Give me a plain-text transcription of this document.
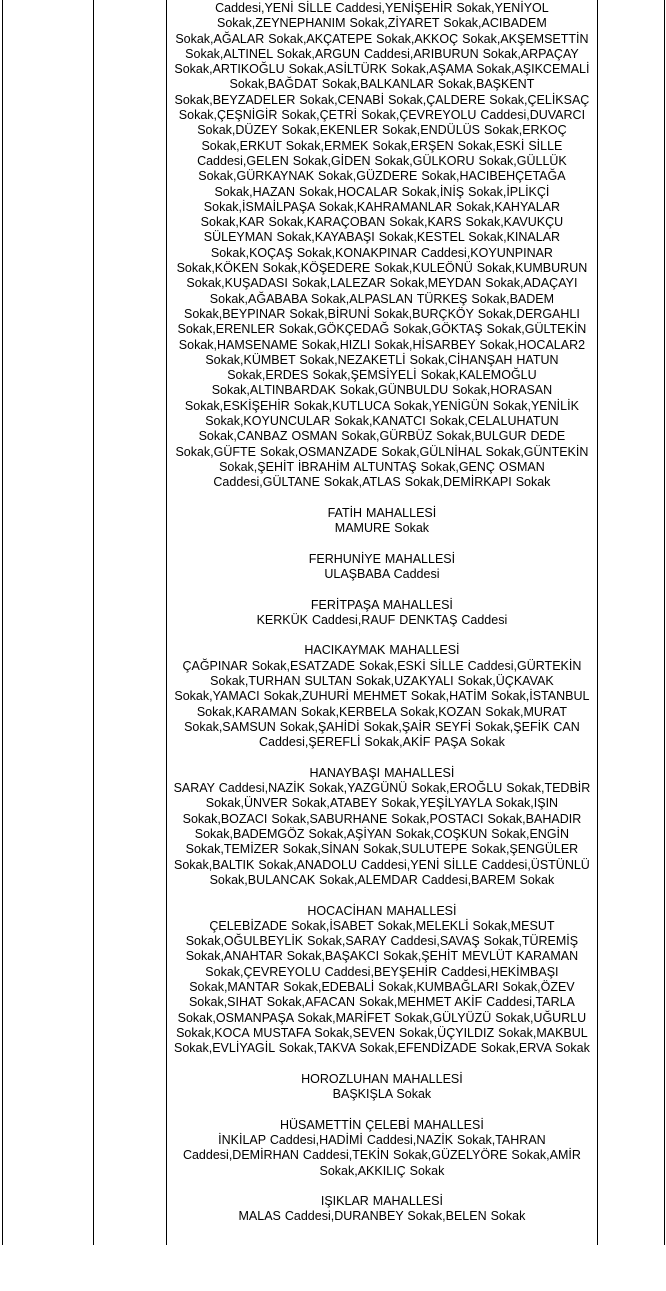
Caddesi,YENİ SİLLE Caddesi,YENİŞEHİR Sokak,YENİYOL Sokak,ZEYNEPHANIM Sokak,ZİYARET Sokak,ACIBADEM Sokak,AĞALAR Sokak,AKÇATEPE Sokak,AKKOÇ Sokak,AKŞEMSETTİN Sokak,ALTINEL Sokak,ARGUN Caddesi,ARIBURUN Sokak,ARPAÇAY Sokak,ARTIKOĞLU Sokak,ASİLTÜRK Sokak,AŞAMA Sokak,AŞIKCEMALİ Sokak,BAĞDAT Sokak,BALKANLAR Sokak,BAŞKENT Sokak,BEYZADELER Sokak,CENABİ Sokak,ÇALDERE Sokak,ÇELİKSAÇ Sokak,ÇEŞNİGİR Sokak,ÇETRİ Sokak,ÇEVREYOLU Caddesi,DUVARCI Sokak,DÜZEY Sokak,EKENLER Sokak,ENDÜLÜS Sokak,ERKOÇ Sokak,ERKUT Sokak,ERMEK Sokak,ERŞEN Sokak,ESKİ SİLLE Caddesi,GELEN Sokak,GİDEN Sokak,GÜLKORU Sokak,GÜLLÜK Sokak,GÜRKAYNAK Sokak,GÜZDERE Sokak,HACIBEHÇETAĞA Sokak,HAZAN Sokak,HOCALAR Sokak,İNİŞ Sokak,İPLİKÇİ Sokak,İSMAİLPAŞA Sokak,KAHRAMANLAR Sokak,KAHYALAR Sokak,KAR Sokak,KARAÇOBAN Sokak,KARS Sokak,KAVUKÇU SÜLEYMAN Sokak,KAYABAŞI Sokak,KESTEL Sokak,KINALAR Sokak,KOÇAŞ Sokak,KONAKPINAR Caddesi,KOYUNPINAR Sokak,KÖKEN Sokak,KÖŞEDERE Sokak,KULEÖNÜ Sokak,KUMBURUN Sokak,KUŞADASI Sokak,LALEZAR Sokak,MEYDAN Sokak,ADAÇAYI Sokak,AĞABABA Sokak,ALPASLAN TÜRKEŞ Sokak,BADEM Sokak,BEYPINAR Sokak,BİRUNİ Sokak,BURÇKÖY Sokak,DERGAHLI Sokak,ERENLER Sokak,GÖKÇEDAĞ Sokak,GÖKTAŞ Sokak,GÜLTEKİN Sokak,HAMSENAME Sokak,HIZLI Sokak,HİSARBEY Sokak,HOCALAR2 Sokak,KÜMBET Sokak,NEZAKETLİ Sokak,CİHANŞAH HATUN Sokak,ERDES Sokak,ŞEMSİYELİ Sokak,KALEMOĞLU Sokak,ALTINBARDAK Sokak,GÜNBULDU Sokak,HORASAN Sokak,ESKİŞEHİR Sokak,KUTLUCA Sokak,YENİGÜN Sokak,YENİLİK Sokak,KOYUNCULAR Sokak,KANATCI Sokak,CELALUHATUN Sokak,CANBAZ OSMAN Sokak,GÜRBÜZ Sokak,BULGUR DEDE Sokak,GÜFTE Sokak,OSMANZADE Sokak,GÜLNİHAL Sokak,GÜNTEKİN Sokak,ŞEHİT İBRAHİM ALTUNTAŞ Sokak,GENÇ OSMAN Caddesi,GÜLTANE Sokak,ATLAS Sokak,DEMİRKAPI Sokak
FATİH MAHALLESİ
MAMURE Sokak
FERHUNİYE MAHALLESİ
ULAŞBABA Caddesi
FERİTPAŞA MAHALLESİ
KERKÜK Caddesi,RAUF DENKTAŞ Caddesi
HACIKAYMAK MAHALLESİ
ÇAĞPINAR Sokak,ESATZADE Sokak,ESKİ SİLLE Caddesi,GÜRTEKİN Sokak,TURHAN SULTAN Sokak,UZAKYALI Sokak,ÜÇKAVAK Sokak,YAMACI Sokak,ZUHURİ MEHMET Sokak,HATİM Sokak,İSTANBUL Sokak,KARAMAN Sokak,KERBELA Sokak,KOZAN Sokak,MURAT Sokak,SAMSUN Sokak,ŞAHİDİ Sokak,ŞAİR SEYFİ Sokak,ŞEFİK CAN Caddesi,ŞEREFLİ Sokak,AKİF PAŞA Sokak
HANAYBAŞI MAHALLESİ
SARAY Caddesi,NAZİK Sokak,YAZGÜNÜ Sokak,EROĞLU Sokak,TEDBİR Sokak,ÜNVER Sokak,ATABEY Sokak,YEŞİLYAYLA Sokak,IŞIN Sokak,BOZACI Sokak,SABURHANE Sokak,POSTACI Sokak,BAHADIR Sokak,BADEMGÖZ Sokak,AŞİYAN Sokak,COŞKUN Sokak,ENGİN Sokak,TEMİZER Sokak,SİNAN Sokak,SULUTEPE Sokak,ŞENGÜLER Sokak,BALTIK Sokak,ANADOLU Caddesi,YENİ SİLLE Caddesi,ÜSTÜNLÜ Sokak,BULANCAK Sokak,ALEMDAR Caddesi,BAREM Sokak
HOCACİHAN MAHALLESİ
ÇELEBİZADE Sokak,İSABET Sokak,MELEKLİ Sokak,MESUT Sokak,OĞULBEYLİK Sokak,SARAY Caddesi,SAVAŞ Sokak,TÜREMİŞ Sokak,ANAHTAR Sokak,BAŞAKCI Sokak,ŞEHİT MEVLÜT KARAMAN Sokak,ÇEVREYOLU Caddesi,BEYŞEHİR Caddesi,HEKİMBAŞI Sokak,MANTAR Sokak,EDEBALİ Sokak,KUMBAĞLARI Sokak,ÖZEV Sokak,SIHAT Sokak,AFACAN Sokak,MEHMET AKİF Caddesi,TARLA Sokak,OSMANPAŞA Sokak,MARİFET Sokak,GÜLYÜZÜ Sokak,UĞURLU Sokak,KOCA MUSTAFA Sokak,SEVEN Sokak,ÜÇYILDIZ Sokak,MAKBUL Sokak,EVLİYAGİL Sokak,TAKVA Sokak,EFENDİZADE Sokak,ERVA Sokak
HOROZLUHAN MAHALLESİ
BAŞKIŞLA Sokak
HÜSAMETTİN ÇELEBİ MAHALLESİ
İNKİLAP Caddesi,HADİMİ Caddesi,NAZİK Sokak,TAHRAN Caddesi,DEMİRHAN Caddesi,TEKİN Sokak,GÜZELYÖRE Sokak,AMİR Sokak,AKKILIÇ Sokak
IŞIKLAR MAHALLESİ
MALAS Caddesi,DURANBEY Sokak,BELEN Sokak
